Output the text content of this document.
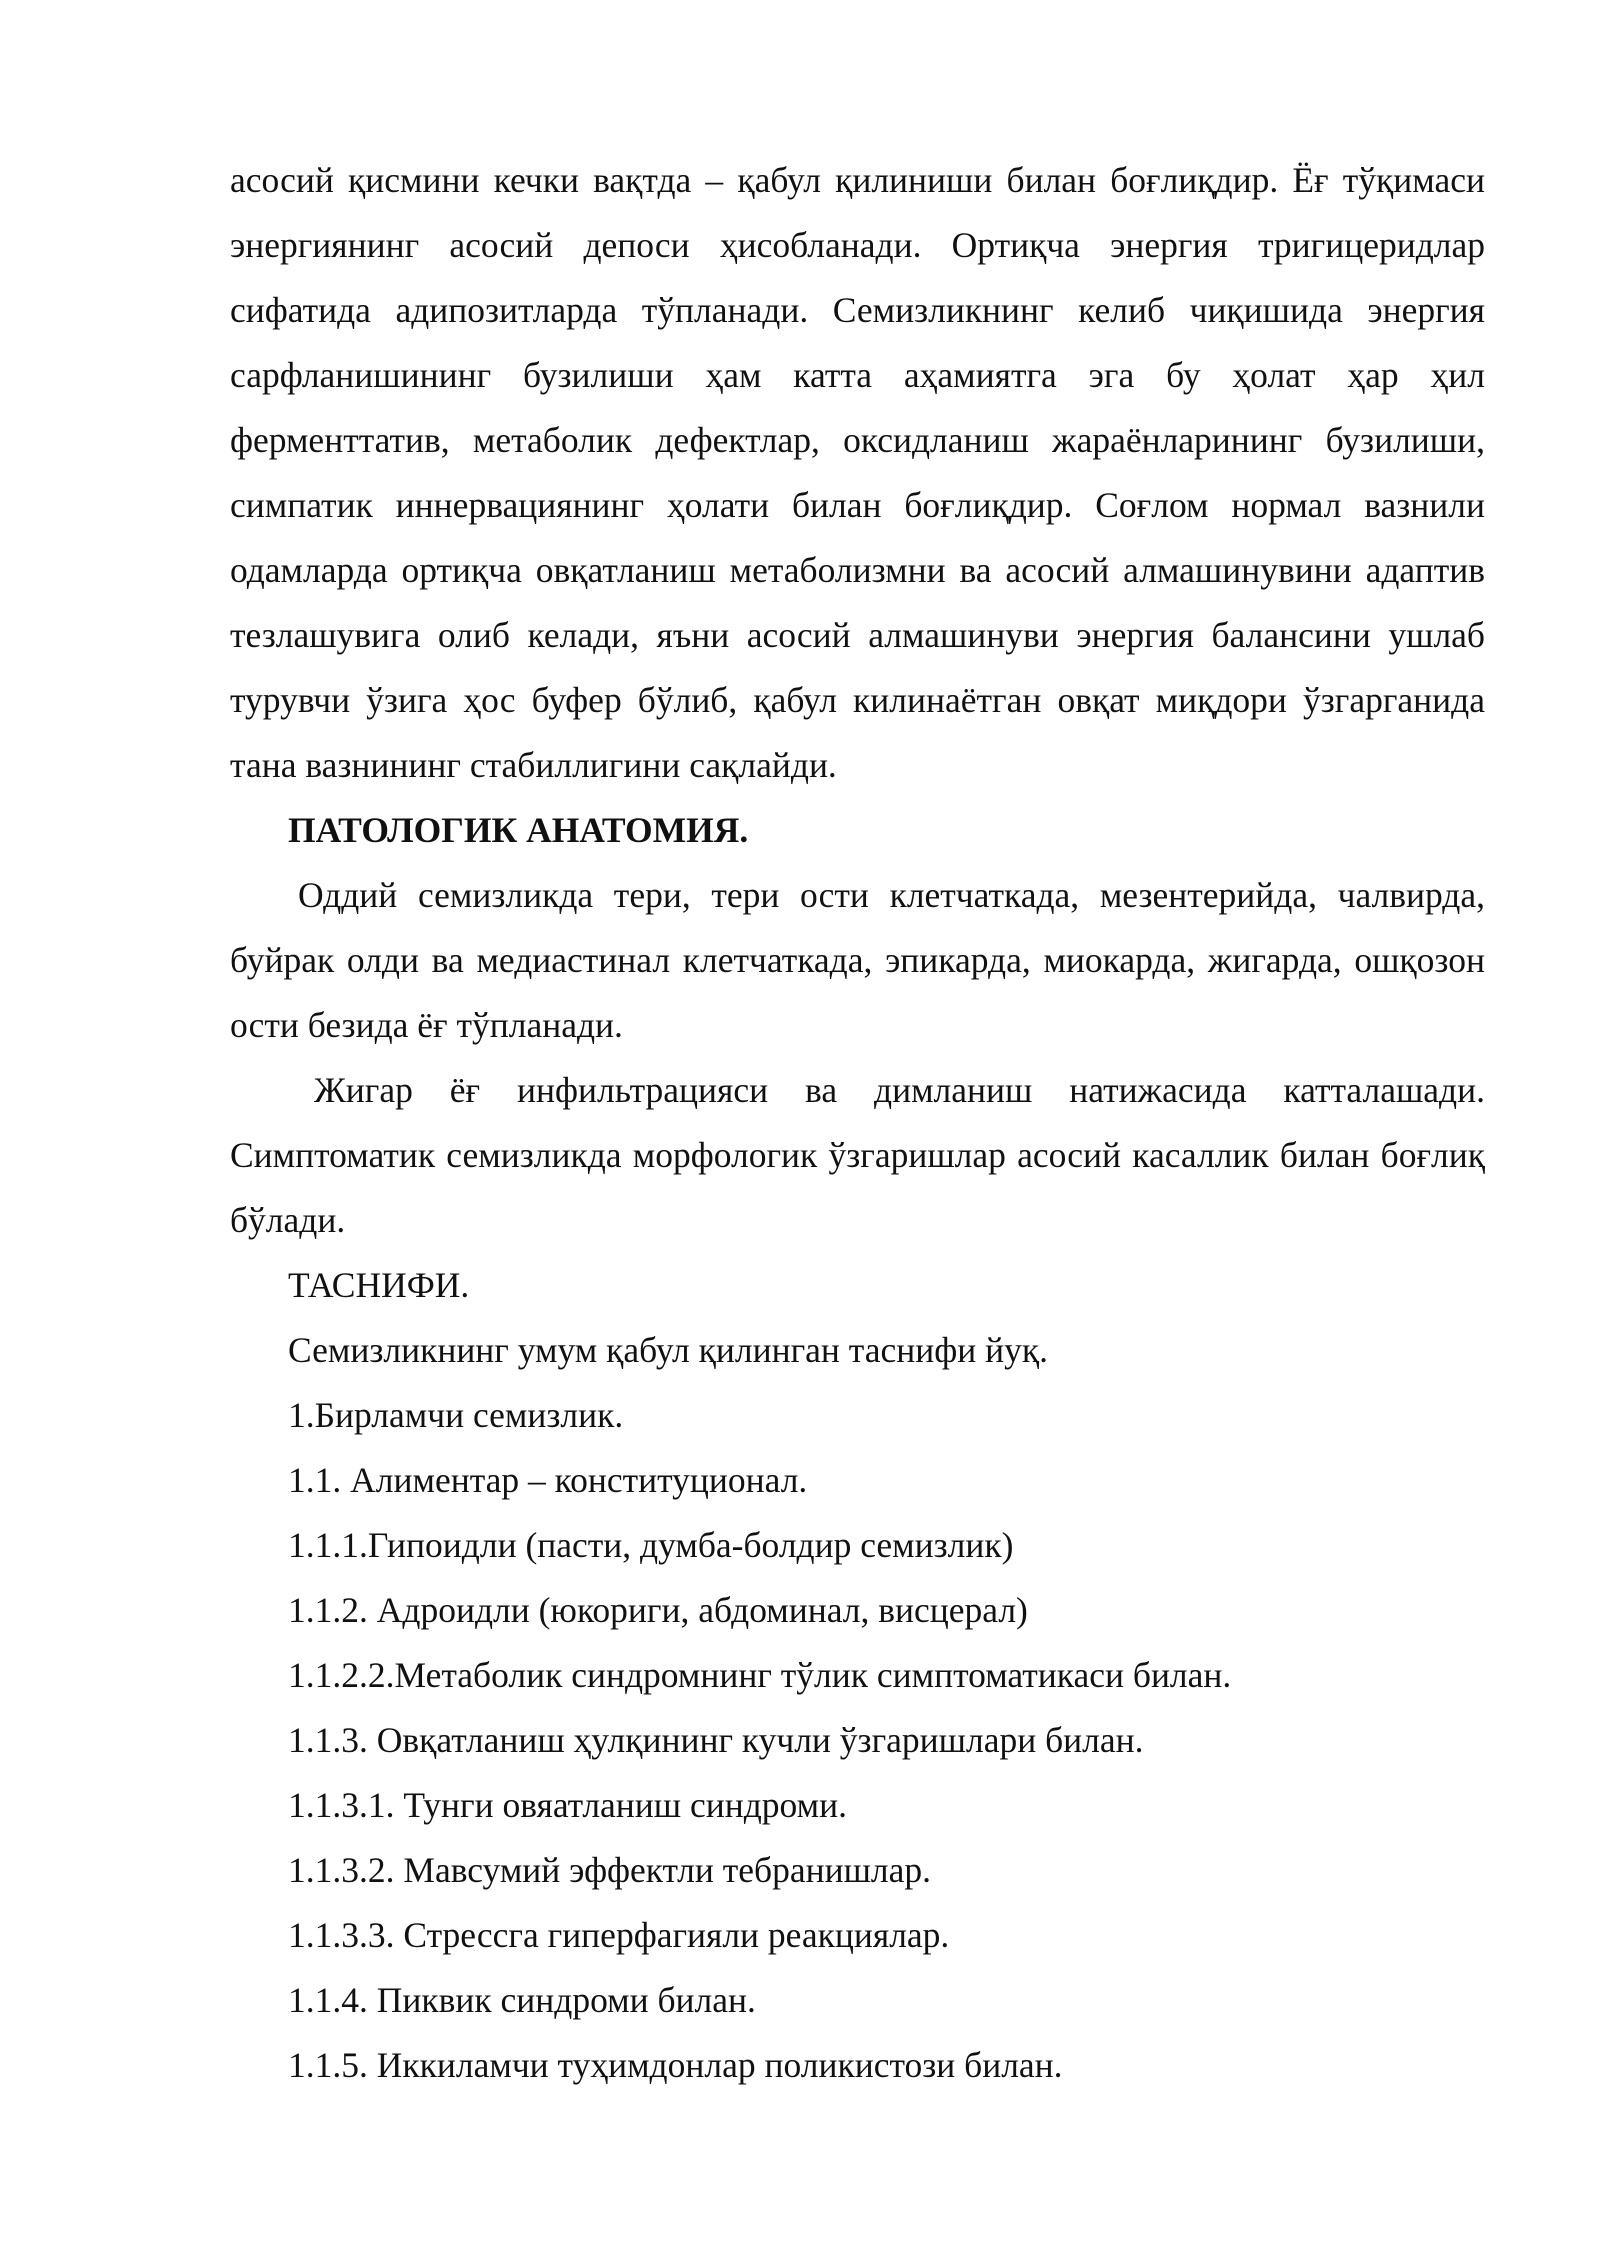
асосий қисмини кечки вақтда – қабул қилиниши билан боғлиқдир. Ёғ тўқимаси энергиянинг асосий депоси ҳисобланади. Ортиқча энергия тригицеридлар сифатида адипозитларда тўпланади. Семизликнинг келиб чиқишида энергия сарфланишининг бузилиши ҳам катта аҳамиятга эга бу ҳолат ҳар ҳил ферменттатив, метаболик дефектлар, оксидланиш жараёнларининг бузилиши, симпатик иннервациянинг ҳолати билан боғлиқдир. Соғлом нормал вазнили одамларда ортиқча овқатланиш метаболизмни ва асосий алмашинувини адаптив тезлашувига олиб келади, яъни асосий алмашинуви энергия балансини ушлаб турувчи ўзига ҳос буфер бўлиб, қабул килинаётган овқат миқдори ўзгарганида тана вазнининг стабиллигини сақлайди.

ПАТОЛОГИК АНАТОМИЯ.

Оддий семизликда тери, тери ости клетчаткада, мезентерийда, чалвирда, буйрак олди ва медиастинал клетчаткада, эпикарда, миокарда, жигарда, ошқозон ости безида ёғ тўпланади.

Жигар ёғ инфильтрацияси ва димланиш натижасида катталашади. Симптоматик семизликда морфологик ўзгаришлар асосий касаллик билан боғлиқ бўлади.

ТАСНИФИ.

Семизликнинг умум қабул қилинган таснифи йуқ.

1.Бирламчи семизлик.

1.1. Алиментар – конституционал.

1.1.1.Гипоидли (пасти, думба-болдир семизлик)

1.1.2. Адроидли (юкориги, абдоминал, висцерал)

1.1.2.2.Метаболик синдромнинг тўлик симптоматикаси билан.

1.1.3. Овқатланиш ҳулқининг кучли ўзгаришлари билан.

1.1.3.1. Тунги овяатланиш синдроми.

1.1.3.2. Мавсумий эффектли тебранишлар.

1.1.3.3. Стрессга гиперфагияли реакциялар.

1.1.4. Пиквик синдроми билан.

1.1.5. Иккиламчи туҳимдонлар поликистози билан.
